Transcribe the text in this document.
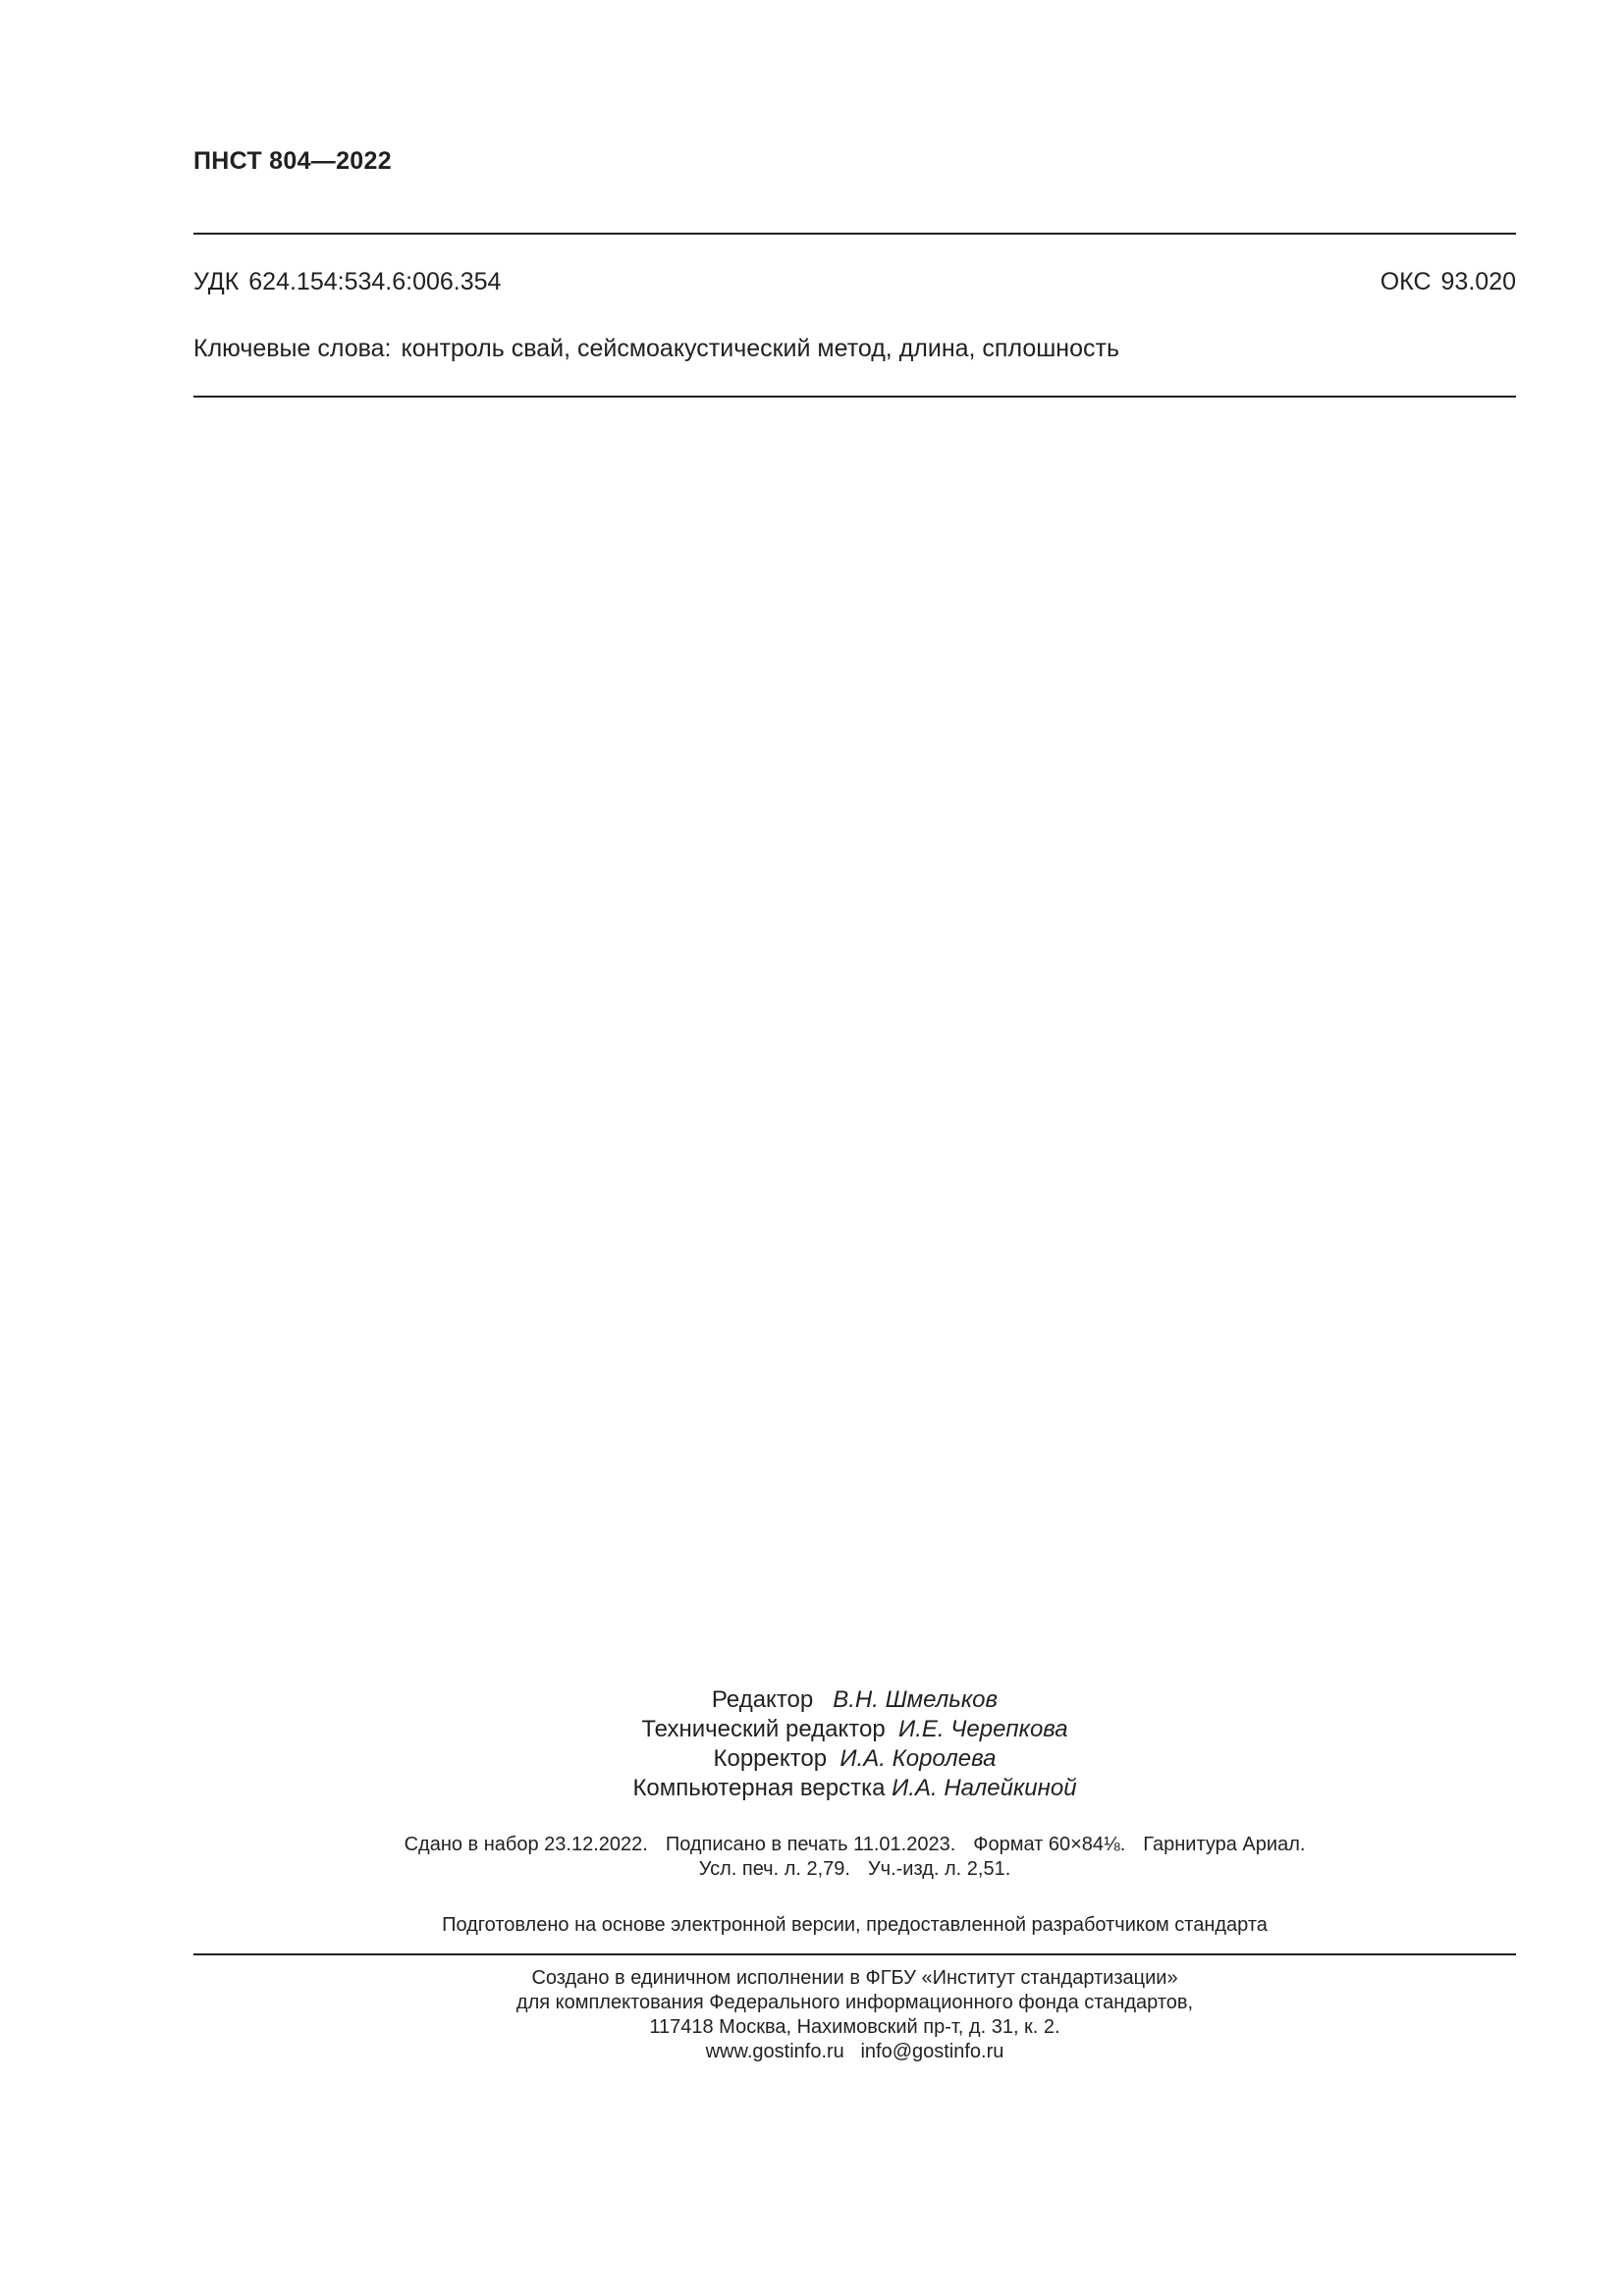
ПНСТ 804—2022
УДК 624.154:534.6:006.354	ОКС 93.020
Ключевые слова: контроль свай, сейсмоакустический метод, длина, сплошность
Редактор В.Н. Шмельков
Технический редактор И.Е. Черепкова
Корректор И.А. Королева
Компьютерная верстка И.А. Налейкиной
Сдано в набор 23.12.2022. Подписано в печать 11.01.2023. Формат 60×84⅛. Гарнитура Ариал.
Усл. печ. л. 2,79. Уч.-изд. л. 2,51.
Подготовлено на основе электронной версии, предоставленной разработчиком стандарта
Создано в единичном исполнении в ФГБУ «Институт стандартизации»
для комплектования Федерального информационного фонда стандартов,
117418 Москва, Нахимовский пр-т, д. 31, к. 2.
www.gostinfo.ru info@gostinfo.ru
